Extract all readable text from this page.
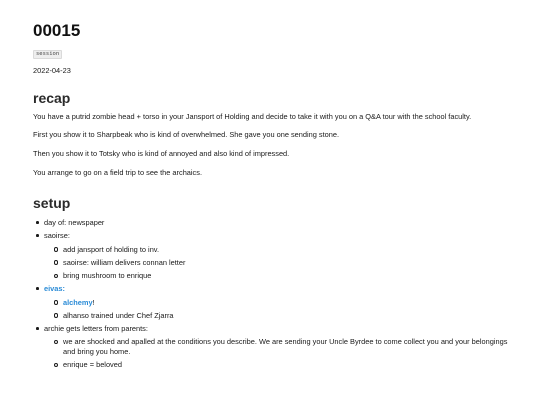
00015
session
2022-04-23
recap

You have a putrid zombie head + torso in your Jansport of Holding and decide to take it with you on a Q&A tour with the school faculty.

First you show it to Sharpbeak who is kind of overwhelmed. She gave you one sending stone.

Then you show it to Totsky who is kind of annoyed and also kind of impressed.

You arrange to go on a field trip to see the archaics.

setup
day of: newspaper
saoirse:
add jansport of holding to inv.
saoirse: william delivers connan letter
bring mushroom to enrique
eivas:
alchemy!
alhanso trained under Chef Zjarra
archie gets letters from parents:
we are shocked and apalled at the conditions you describe. We are sending your Uncle Byrdee to come collect you and your belongings and bring you home.
enrique = beloved
